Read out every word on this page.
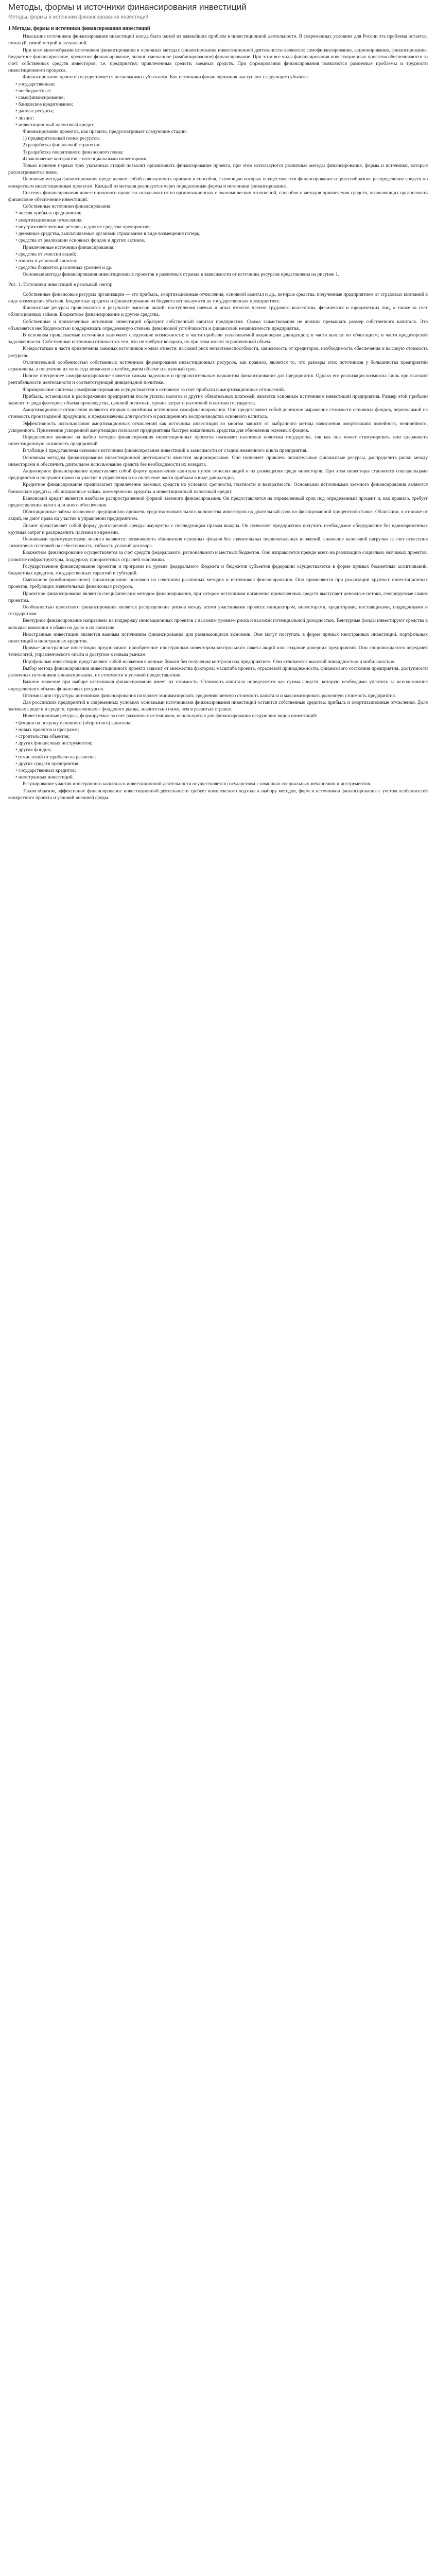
Методы, формы и источники финансирования инвестиций
Методы, формы и источники финансирования инвестиций

1 Методы, формы и источники финансирования инвестиций

Изыскание источников финансирования инвестиций всегда было одной из важнейших проблем в инвестиционной деятельности. В современных условиях для России эта проблема остается, пожалуй, самой острой и актуальной.

При всем многообразии источников финансирования в основных методах финансирования инвестиционной деятельности являются: самофинансирование, акционирование, финансирование, бюджетное финансирование, кредитное финансирование, лизинг, смешанное (комбинированное) финансирование. При этом все виды финансирования инвестиционных проектов обеспечиваются за счет: собственных средств инвесторов, т.е. предприятия; привлеченных средств; заемных средств. При формировании финансирования появляются различные проблемы и трудности инвестиционного процесса.

Финансирование проектов осуществляется несколькими субъектами. Как источники финансирования выступают следующие субъекты:

• государственные;
• внебюджетные;
• самофинансирование;
• банковское кредитование;
• данные ресурсы;
• лизинг;
• инвестиционный налоговый кредит.

Финансирование проектов, как правило, предусматривает следующие стадии:

1) предварительный поиск ресурсов;

2) разработка финансовой стратегии;

3) разработка оперативного финансового плана;

4) заключение контрактов с потенциальными инвесторами.

Только наличие первых трех указанных стадий позволит организовать финансирование проекта, при этом используются различные методы финансирования, формы и источники, которые рассматриваются ниже.

Основные методы финансирования представляют собой совокупность приемов и способов, с помощью которых осуществляется финансирование и целесообразное распределение средств по конкретным инвестиционным проектам. Каждый из методов реализуется через определенные формы и источники финансирования.

Системы финансирования инвестиционного процесса складываются из организационных и экономических отношений, способов и методов привлечения средств, позволяющих организовать финансовое обеспечение инвестиций.

Собственные источники финансирования:

• чистая прибыль предприятия;
• амортизационные отчисления;
• внутрихозяйственные резервы и другие средства предприятия;
• денежные средства, выплачиваемые органами страхования в виде возмещения потерь;
• средства от реализации основных фондов и других активов.

Привлеченные источники финансирования:

• средства от эмиссии акций;
• взносы в уставный капитал;
• средства бюджетов различных уровней и др.

Основные методы финансирования инвестиционных проектов в различных странах в зависимости от источника ресурсов представлены на рисунке 1.

Рис. 1. Источники инвестиций в реальный сектор

Собственные финансовые ресурсы организации — это прибыль, амортизационные отчисления, основной капитал и др., которые средства, полученные предприятием от страховых компаний в виде возмещения убытков. Бюджетные кредиты и финансирование из бюджета используются на государственных предприятиях.

Финансовые ресурсы привлекаются в результате эмиссии акций, поступления паевых и иных взносов членов трудового коллектива, физических и юридических лиц, а также за счет облигационных займов. Бюджетное финансирование и другие средства.

Собственные и привлеченные источники инвестиций образуют собственный капитал предприятия. Сумма заимствования не должна превышать размер собственного капитала. Это объясняется необходимостью поддерживать определенную степень финансовой устойчивости и финансовой независимости предприятия.

В основном привлекаемые источники включают следующие возможности: в части прибыли уплачиваемой акционерам дивидендов; в части выплат по облигациям; и части кредиторской задолженности. Собственные источники отличаются тем, что не требуют возврата, но при этом имеют ограниченный объем.

К недостаткам в части привлечения заемных источников можно отнести: высокий риск неплатежеспособности, зависимость от кредиторов, необходимость обеспечения и высокую стоимость ресурсов.

Отличительной особенностью собственных источников формирования инвестиционных ресурсов, как правило, является то, что размеры этих источников у большинства предприятий ограничены, а получение их не всегда возможно в необходимом объеме и в нужный срок.

Полное внутреннее самофинансирование является самым надежным и предпочтительным вариантом финансирования для предприятия. Однако его реализация возможна лишь при высокой рентабельности деятельности и соответствующей дивидендной политике.

Формирование системы самофинансирования осуществляется в основном за счет прибыли и амортизационных отчислений.

Прибыль, остающаяся в распоряжении предприятия после уплаты налогов и других обязательных платежей, является основным источником инвестиций предприятия. Размер этой прибыли зависит от ряда факторов: объема производства, ценовой политики, уровня затрат и налоговой политики государства.

Амортизационные отчисления являются вторым важнейшим источником самофинансирования. Они представляют собой денежное выражение стоимости основных фондов, переносимой на стоимость производимой продукции, и предназначены для простого и расширенного воспроизводства основного капитала.

Эффективность использования амортизационных отчислений как источника инвестиций во многом зависит от выбранного метода начисления амортизации: линейного, нелинейного, ускоренного. Применение ускоренной амортизации позволяет предприятиям быстрее накапливать средства для обновления основных фондов.

Определенное влияние на выбор методов финансирования инвестиционных проектов оказывает налоговая политика государства, так как она может стимулировать или сдерживать инвестиционную активность предприятий.

В таблице 1 представлены основные источники финансирования инвестиций в зависимости от стадии жизненного цикла предприятия.

Основным методом финансирования инвестиционной деятельности является акционирование. Оно позволяет привлечь значительные финансовые ресурсы, распределить риски между инвесторами и обеспечить длительное использование средств без необходимости их возврата.

Акционерное финансирование представляет собой форму привлечения капитала путем эмиссии акций и их размещения среди инвесторов. При этом инвесторы становятся совладельцами предприятия и получают право на участие в управлении и на получение части прибыли в виде дивидендов.

Кредитное финансирование предполагает привлечение заемных средств на условиях срочности, платности и возвратности. Основными источниками заемного финансирования являются банковские кредиты, облигационные займы, коммерческие кредиты и инвестиционный налоговый кредит.

Банковский кредит является наиболее распространенной формой заемного финансирования. Он предоставляется на определенный срок под определенный процент и, как правило, требует предоставления залога или иного обеспечения.

Облигационные займы позволяют предприятию привлечь средства значительного количества инвесторов на длительный срок по фиксированной процентной ставке. Облигации, в отличие от акций, не дают права на участие в управлении предприятием.

Лизинг представляет собой форму долгосрочной аренды имущества с последующим правом выкупа. Он позволяет предприятию получить необходимое оборудование без единовременных крупных затрат и распределить платежи во времени.

Основными преимуществами лизинга являются: возможность обновления основных фондов без значительных первоначальных вложений, снижение налоговой нагрузки за счет отнесения лизинговых платежей на себестоимость, гибкость условий договора.

Бюджетное финансирование осуществляется за счет средств федерального, регионального и местных бюджетов. Оно направляется прежде всего на реализацию социально значимых проектов, развитие инфраструктуры, поддержку приоритетных отраслей экономики.

Государственное финансирование проектов и программ на уровне федерального бюджета и бюджетов субъектов федерации осуществляется в форме прямых бюджетных ассигнований, бюджетных кредитов, государственных гарантий и субсидий.

Смешанное (комбинированное) финансирование основано на сочетании различных методов и источников финансирования. Оно применяется при реализации крупных инвестиционных проектов, требующих значительных финансовых ресурсов.

Проектное финансирование является специфическим методом финансирования, при котором источником погашения привлеченных средств выступают денежные потоки, генерируемые самим проектом.

Особенностью проектного финансирования является распределение рисков между всеми участниками проекта: инициатором, инвесторами, кредиторами, поставщиками, подрядчиками и государством.

Венчурное финансирование направлено на поддержку инновационных проектов с высоким уровнем риска и высокой потенциальной доходностью. Венчурные фонды инвестируют средства в молодые компании в обмен на долю в их капитале.

Иностранные инвестиции являются важным источником финансирования для развивающихся экономик. Они могут поступать в форме прямых иностранных инвестиций, портфельных инвестиций и иностранных кредитов.

Прямые иностранные инвестиции предполагают приобретение иностранным инвестором контрольного пакета акций или создание дочерних предприятий. Они сопровождаются передачей технологий, управленческого опыта и доступом к новым рынкам.

Портфельные инвестиции представляют собой вложения в ценные бумаги без получения контроля над предприятием. Они отличаются высокой ликвидностью и мобильностью.

Выбор метода финансирования инвестиционного проекта зависит от множества факторов: масштаба проекта, отраслевой принадлежности, финансового состояния предприятия, доступности различных источников финансирования, их стоимости и условий предоставления.

Важное значение при выборе источников финансирования имеет их стоимость. Стоимость капитала определяется как сумма средств, которую необходимо уплатить за использование определенного объема финансовых ресурсов.

Оптимизация структуры источников финансирования позволяет минимизировать средневзвешенную стоимость капитала и максимизировать рыночную стоимость предприятия.

Для российских предприятий в современных условиях основными источниками финансирования инвестиций остаются собственные средства: прибыль и амортизационные отчисления. Доля заемных средств и средств, привлеченных с фондового рынка, значительно ниже, чем в развитых странах.

Инвестиционные ресурсы, формируемые за счет различных источников, используются для финансирования следующих видов инвестиций:

• фондов на покупку основного (оборотного) капитала;
• новых проектов и программ;
• строительства объектов;
• других финансовых инструментов;
• других фондов;
• отчислений от прибыли на развитие;
• других средств предприятия;
• государственных кредитов;
• иностранных инвестиций.

Регулирование участия иностранного капитала в инвестиционной деятельности осуществляется государством с помощью специальных механизмов и инструментов.

Таким образом, эффективное финансирование инвестиционной деятельности требует комплексного подхода к выбору методов, форм и источников финансирования с учетом особенностей конкретного проекта и условий внешней среды.
